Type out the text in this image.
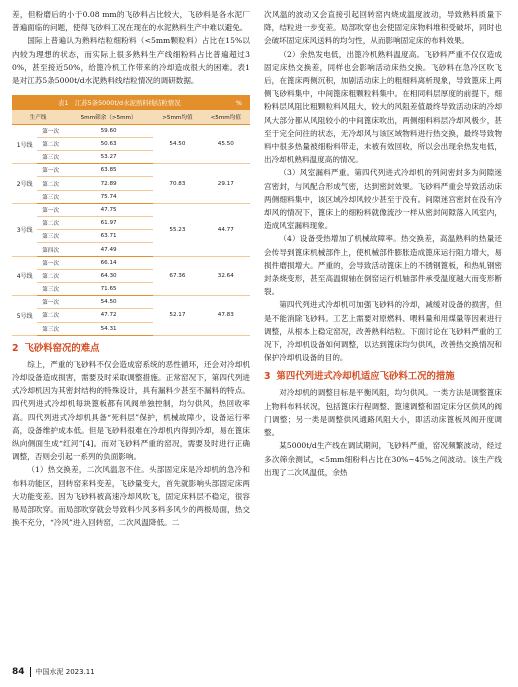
差，但粉磨后的小于0.08 mm的飞砂料占比较大，飞砂料是各水泥厂普遍面临的问题，使得飞砂料工况在现在的水泥熟料生产中难以避免。

国际上普遍认为熟料结粒细粉料（<5mm颗粒料）占比在15%以内较为理想的状态，而实际上很多熟料生产线细粉料占比普遍超过30%，甚至接近50%，给篦冷机工作带来的冷却造成很大的困难。表1是对江苏5条5000t/d水泥熟料线结粒情况的调研数据。

表1　江苏5条5000t/d水泥熟料线结粒情况	%
生产线		5mm筛余（>5mm）	>5mm均值	<5mm均值
1号线	第一次	59.60	54.50	45.50
	第二次	50.63		
	第三次	53.27		
2号线	第一次	63.85	70.83	29.17
	第二次	72.89		
	第三次	75.74		
3号线	第一次	47.75	55.23	44.77
	第二次	61.97		
	第三次	63.71		
	第四次	47.49		
4号线	第一次	66.14	67.36	32.64
	第二次	64.30		
	第三次	71.65		
5号线	第一次	54.50	52.17	47.83
	第二次	47.72		
	第三次	54.31		
2 飞砂料窑况的难点

综上，严重的飞砂料不仅会造成窑系统的恶性循环，还会对冷却机冷却设备造成损害，需要及时采取调整措施。正常窑况下，第四代列进式冷却机因为其密封结构的特殊设计，具有漏料少甚至不漏料的特点。四代列进式冷却机每块篦板都有风阀单独控制，均匀供风，热回收率高。四代列进式冷却机具备“死料层”保护，机械故障少，设备运行率高，设备维护成本低。但是飞砂料很难在冷却机内得到冷却，易在篦床纵向侧面生成“红河”[4]。而对飞砂料严重的窑况，需要及时进行正确调整，否则会引起一系列的负面影响。

（1）热交换差，二次风温忽不住。头部固定床是冷却机的急冷和布料功能区，回转窑来料变差，飞砂量变大，首先就影响头部固定床两大功能变差。因为飞砂料被高速冷却风吹飞，固定床料层不稳定，很容易局部吹穿。而局部吹穿就会导致料少风多料多风少的两极局面，热交换不充分，“冷风”进入回转窑，二次风温降低。二

次风温的波动又会直接引起回转窑内烧成温度波动，导致熟料质量下降，结粒进一步变差。局部吹穿也会使固定床物料堆积受破坏，同时也会破坏固定床风送料的均匀性，从而影响固定床的布料效果。

（2）余热发电低，出篦冷机熟料温度高。飞砂料严重不仅仅造成固定床热交换差，同样也会影响活动床热交换。飞砂料在急冷区吹飞后，在篦床两侧沉积，加剧活动床上的粗细料离析现象，导致篦床上两侧飞砂料集中，中间篦床粗颗粒料集中。在相同料层厚度的前提下，细粉料层风阻比粗颗粒料风阻大，较大的风阻差值最终导致活动床的冷却风大部分都从风阻较小的中间篦床吹出，两侧细料料层冷却风极少，甚至于完全问往的状态，无冷却风与该区域物料进行热交换，最终导致物料中很多热量被细粉料带走，未被有效回收，所以会出现余热发电低，出冷却机熟料温度高的情况。

（3）风室漏料严重。第四代列进式冷却机的列间密封多为间隙迷宫密封，与风配合形成气密，达到密封效果。飞砂料严重会导致活动床两侧细料集中，该区域冷却风较少甚至于没有。间隙迷宫密封在没有冷却风的情况下，篦床上的细粉料就像流沙一样从密封间隙落入风室内，造成风室漏料现象。

（4）设备受热增加了机械故障率。热交换差，高温熟料的热量还会传导到篦床机械部件上，使机械部件膨胀造成篦床运行阻力增大，易损件磨损增大。严重的，会导致活动篦床上的不锈钢篦板，和热轧钢密封条烧变形，甚至高温辊轴在倒窑运行机轴部件承受温度越大而变形断裂。

第四代列进式冷却机可加强飞砂料的冷却，减缓对设备的损害，但是不能消除飞砂料。工艺上需要对原燃料、喂料量和用煤量等因素进行调整，从根本上稳定窑况，改善熟料结粒。下面讨论在飞砂料严重的工况下，冷却机设备如何调整，以达到篦床均匀供风，改善热交换情况和保护冷却机设备的目的。

3 第四代列进式冷却机适应飞砂料工况的措施

对冷却机的调整目标是平衡风阻，均匀供风。一类方法是调整篦床上物料布料状况，包括篦床行程调整、篦速调整和固定床分区供风的阀门调整；另一类是调整供风通路风阻大小，即活动床篦板风阀开度调整。

某5000t/d生产线在调试期间，飞砂料严重，窑况频繁波动，经过多次筛余测试，<5mm细粉料占比在30%~45%之间波动。该生产线出现了二次风温低，余热

84 中国水泥 2023.11
